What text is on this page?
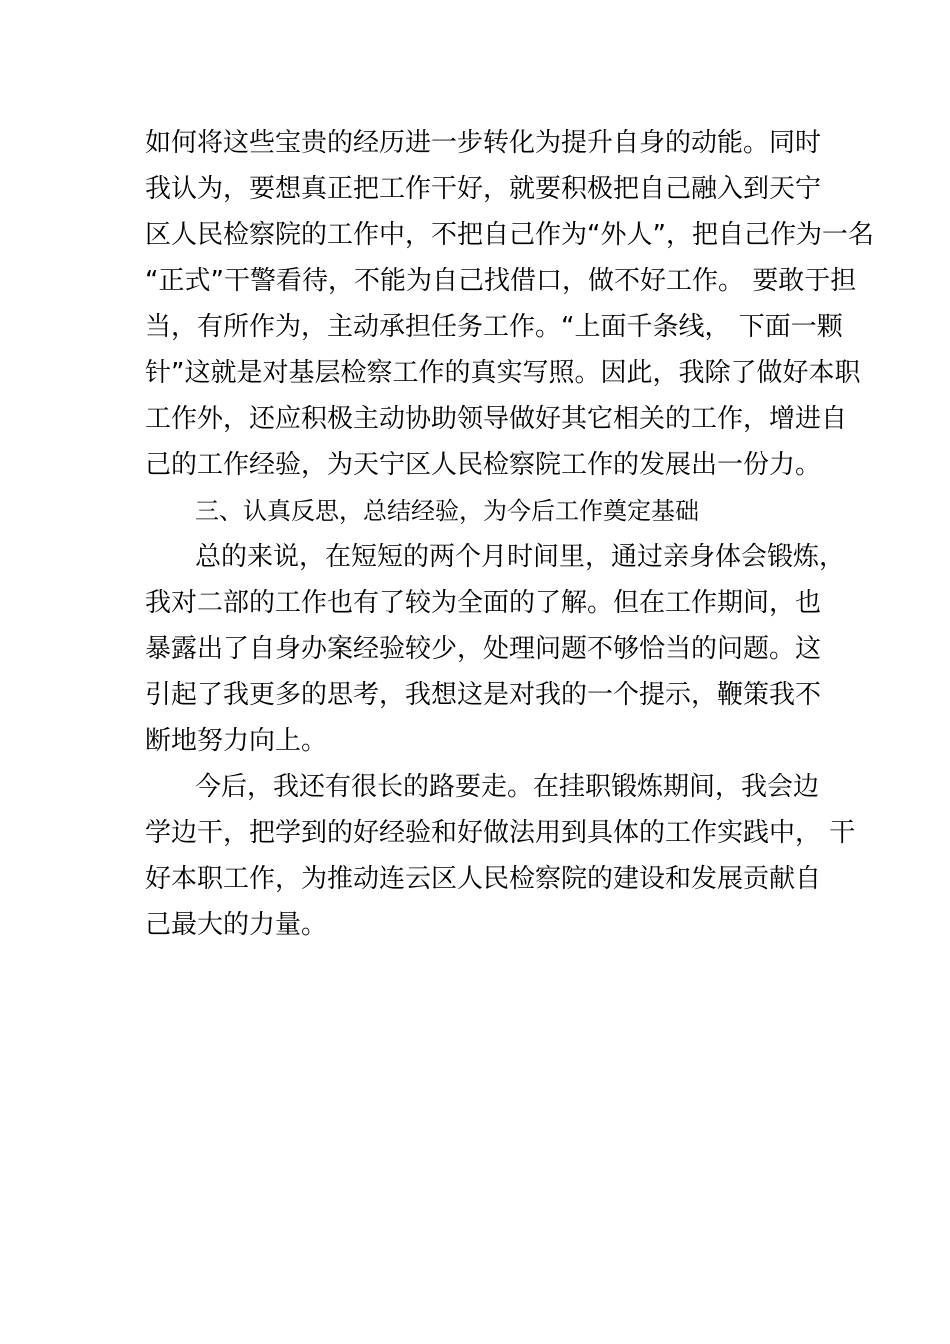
如何将这些宝贵的经历进一步转化为提升自身的动能。同时
我认为，要想真正把工作干好，就要积极把自己融入到天宁
区人民检察院的工作中，不把自己作为“外人”，把自己作为一名
“正式”干警看待，不能为自己找借口，做不好工作。 要敢于担
当，有所作为，主动承担任务工作。“上面千条线， 下面一颗
针”这就是对基层检察工作的真实写照。因此，我除了做好本职
工作外，还应积极主动协助领导做好其它相关的工作，增进自
己的工作经验，为天宁区人民检察院工作的发展出一份力。
三、认真反思，总结经验，为今后工作奠定基础
总的来说，在短短的两个月时间里，通过亲身体会锻炼，
我对二部的工作也有了较为全面的了解。但在工作期间，也
暴露出了自身办案经验较少，处理问题不够恰当的问题。这
引起了我更多的思考，我想这是对我的一个提示，鞭策我不
断地努力向上。
今后，我还有很长的路要走。在挂职锻炼期间，我会边
学边干，把学到的好经验和好做法用到具体的工作实践中， 干
好本职工作，为推动连云区人民检察院的建设和发展贡献自
己最大的力量。
